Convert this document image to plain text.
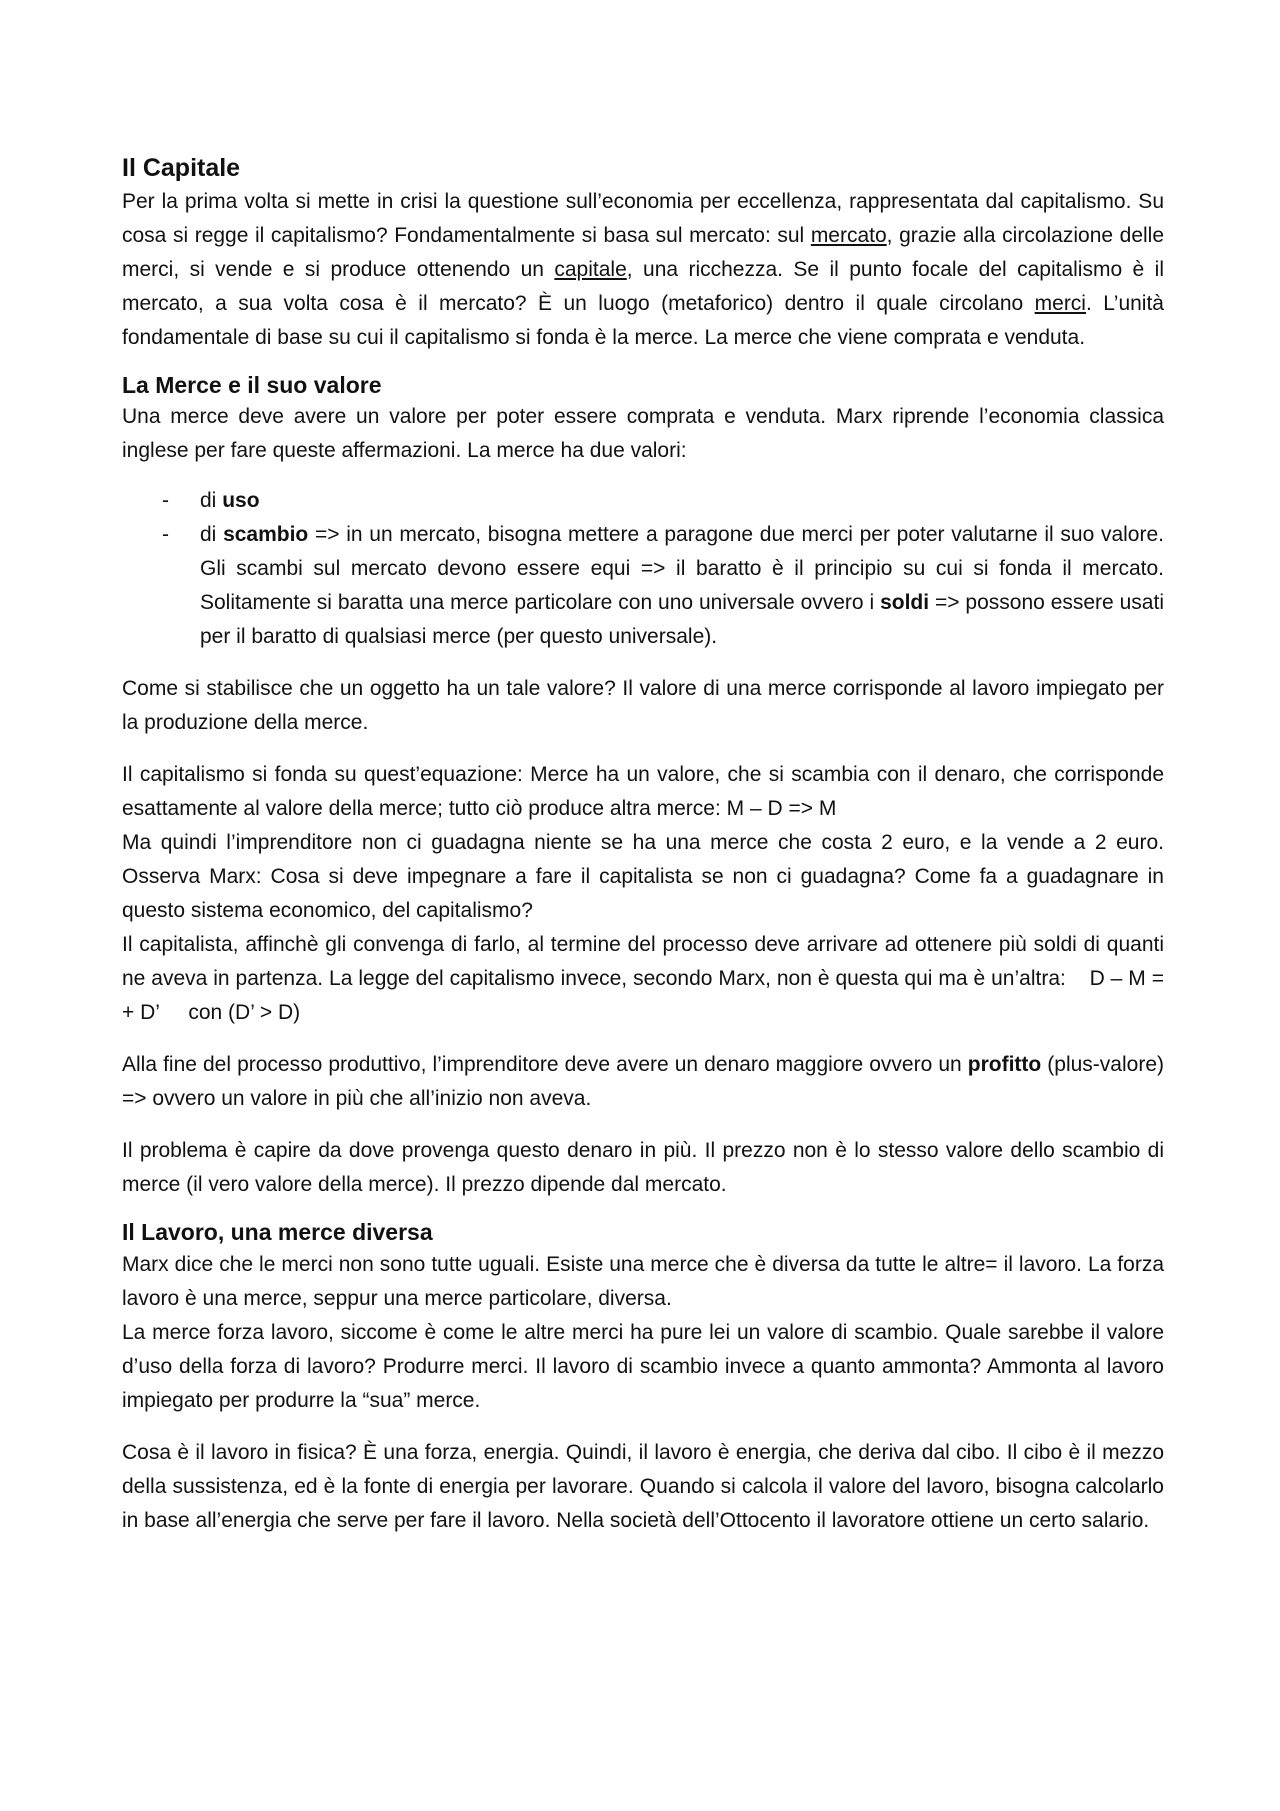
Il Capitale

Per la prima volta si mette in crisi la questione sull’economia per eccellenza, rappresentata dal capitalismo. Su cosa si regge il capitalismo? Fondamentalmente si basa sul mercato: sul mercato, grazie alla circolazione delle merci, si vende e si produce ottenendo un capitale, una ricchezza. Se il punto focale del capitalismo è il mercato, a sua volta cosa è il mercato? È un luogo (metaforico) dentro il quale circolano merci. L’unità fondamentale di base su cui il capitalismo si fonda è la merce. La merce che viene comprata e venduta.

La Merce e il suo valore

Una merce deve avere un valore per poter essere comprata e venduta. Marx riprende l’economia classica inglese per fare queste affermazioni. La merce ha due valori:

- di uso
- di scambio => in un mercato, bisogna mettere a paragone due merci per poter valutarne il suo valore. Gli scambi sul mercato devono essere equi => il baratto è il principio su cui si fonda il mercato. Solitamente si baratta una merce particolare con uno universale ovvero i soldi => possono essere usati per il baratto di qualsiasi merce (per questo universale).

Come si stabilisce che un oggetto ha un tale valore? Il valore di una merce corrisponde al lavoro impiegato per la produzione della merce.

Il capitalismo si fonda su quest’equazione: Merce ha un valore, che si scambia con il denaro, che corrisponde esattamente al valore della merce; tutto ciò produce altra merce: M – D => M

Ma quindi l’imprenditore non ci guadagna niente se ha una merce che costa 2 euro, e la vende a 2 euro. Osserva Marx: Cosa si deve impegnare a fare il capitalista se non ci guadagna? Come fa a guadagnare in questo sistema economico, del capitalismo?

Il capitalista, affinchè gli convenga di farlo, al termine del processo deve arrivare ad ottenere più soldi di quanti ne aveva in partenza. La legge del capitalismo invece, secondo Marx, non è questa qui ma è un’altra: D – M = + D’ con (D’ > D)

Alla fine del processo produttivo, l’imprenditore deve avere un denaro maggiore ovvero un profitto (plus-valore) => ovvero un valore in più che all’inizio non aveva.

Il problema è capire da dove provenga questo denaro in più. Il prezzo non è lo stesso valore dello scambio di merce (il vero valore della merce). Il prezzo dipende dal mercato.

Il Lavoro, una merce diversa

Marx dice che le merci non sono tutte uguali. Esiste una merce che è diversa da tutte le altre= il lavoro. La forza lavoro è una merce, seppur una merce particolare, diversa.

La merce forza lavoro, siccome è come le altre merci ha pure lei un valore di scambio. Quale sarebbe il valore d’uso della forza di lavoro? Produrre merci. Il lavoro di scambio invece a quanto ammonta? Ammonta al lavoro impiegato per produrre la “sua” merce.

Cosa è il lavoro in fisica? È una forza, energia. Quindi, il lavoro è energia, che deriva dal cibo. Il cibo è il mezzo della sussistenza, ed è la fonte di energia per lavorare. Quando si calcola il valore del lavoro, bisogna calcolarlo in base all’energia che serve per fare il lavoro. Nella società dell’Ottocento il lavoratore ottiene un certo salario.
